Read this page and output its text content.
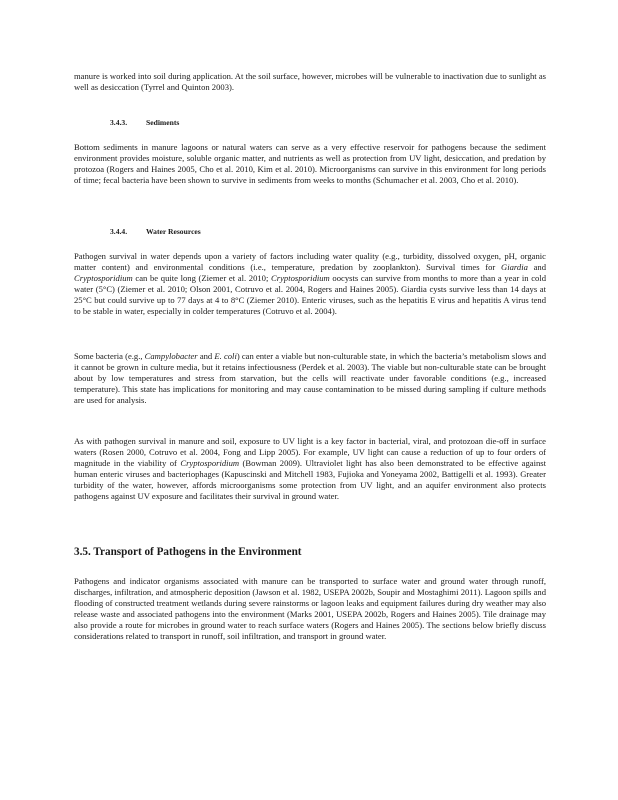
manure is worked into soil during application. At the soil surface, however, microbes will be vulnerable to inactivation due to sunlight as well as desiccation (Tyrrel and Quinton 2003).

3.4.3. Sediments

Bottom sediments in manure lagoons or natural waters can serve as a very effective reservoir for pathogens because the sediment environment provides moisture, soluble organic matter, and nutrients as well as protection from UV light, desiccation, and predation by protozoa (Rogers and Haines 2005, Cho et al. 2010, Kim et al. 2010). Microorganisms can survive in this environment for long periods of time; fecal bacteria have been shown to survive in sediments from weeks to months (Schumacher et al. 2003, Cho et al. 2010).

3.4.4. Water Resources

Pathogen survival in water depends upon a variety of factors including water quality (e.g., turbidity, dissolved oxygen, pH, organic matter content) and environmental conditions (i.e., temperature, predation by zooplankton). Survival times for Giardia and Cryptosporidium can be quite long (Ziemer et al. 2010; Cryptosporidium oocysts can survive from months to more than a year in cold water (5°C) (Ziemer et al. 2010; Olson 2001, Cotruvo et al. 2004, Rogers and Haines 2005). Giardia cysts survive less than 14 days at 25°C but could survive up to 77 days at 4 to 8°C (Ziemer 2010). Enteric viruses, such as the hepatitis E virus and hepatitis A virus tend to be stable in water, especially in colder temperatures (Cotruvo et al. 2004).

Some bacteria (e.g., Campylobacter and E. coli) can enter a viable but non-culturable state, in which the bacteria’s metabolism slows and it cannot be grown in culture media, but it retains infectiousness (Perdek et al. 2003). The viable but non-culturable state can be brought about by low temperatures and stress from starvation, but the cells will reactivate under favorable conditions (e.g., increased temperature). This state has implications for monitoring and may cause contamination to be missed during sampling if culture methods are used for analysis.

As with pathogen survival in manure and soil, exposure to UV light is a key factor in bacterial, viral, and protozoan die-off in surface waters (Rosen 2000, Cotruvo et al. 2004, Fong and Lipp 2005). For example, UV light can cause a reduction of up to four orders of magnitude in the viability of Cryptosporidium (Bowman 2009). Ultraviolet light has also been demonstrated to be effective against human enteric viruses and bacteriophages (Kapuscinski and Mitchell 1983, Fujioka and Yoneyama 2002, Battigelli et al. 1993). Greater turbidity of the water, however, affords microorganisms some protection from UV light, and an aquifer environment also protects pathogens against UV exposure and facilitates their survival in ground water.

3.5. Transport of Pathogens in the Environment

Pathogens and indicator organisms associated with manure can be transported to surface water and ground water through runoff, discharges, infiltration, and atmospheric deposition (Jawson et al. 1982, USEPA 2002b, Soupir and Mostaghimi 2011). Lagoon spills and flooding of constructed treatment wetlands during severe rainstorms or lagoon leaks and equipment failures during dry weather may also release waste and associated pathogens into the environment (Marks 2001, USEPA 2002b, Rogers and Haines 2005). Tile drainage may also provide a route for microbes in ground water to reach surface waters (Rogers and Haines 2005). The sections below briefly discuss considerations related to transport in runoff, soil infiltration, and transport in ground water.
